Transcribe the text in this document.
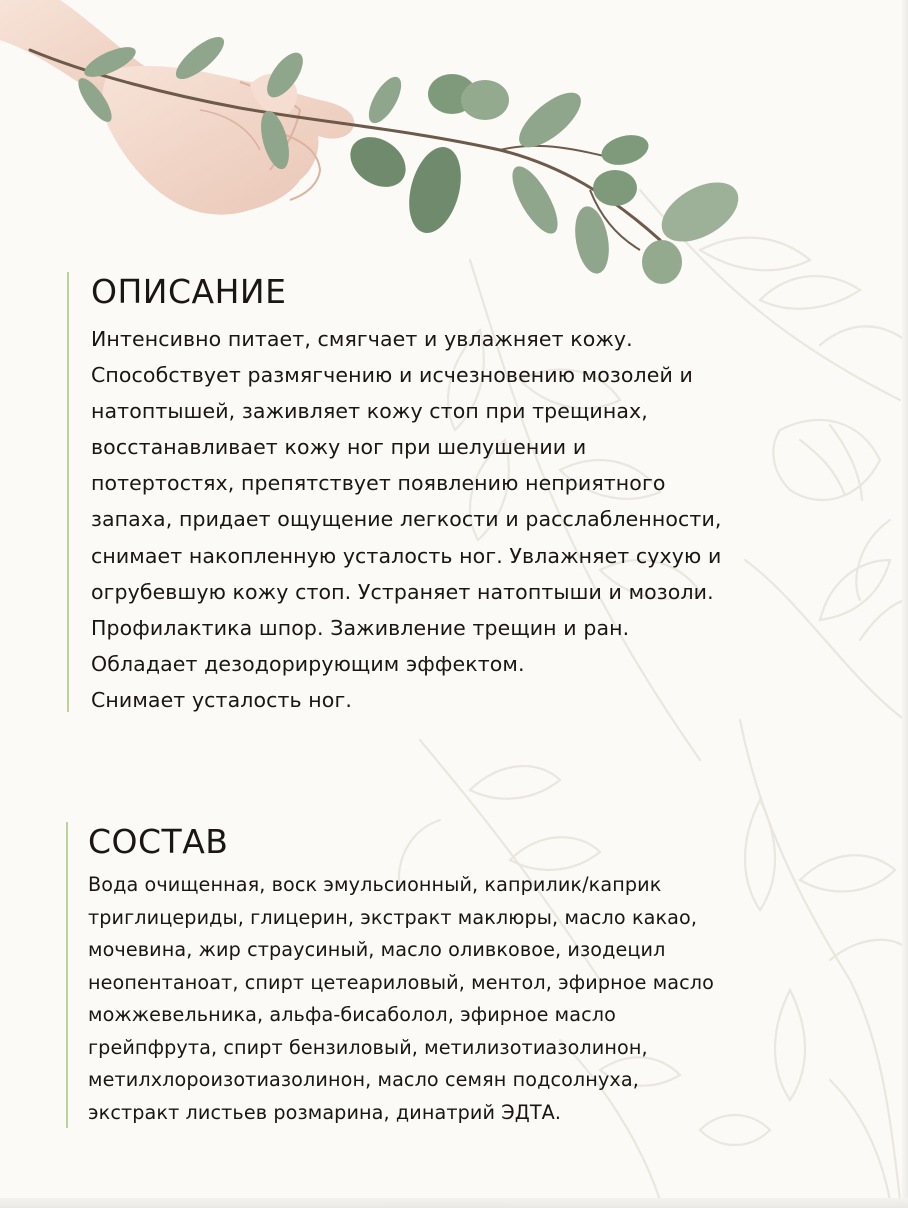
ОПИСАНИЕ
Интенсивно питает, смягчает и увлажняет кожу.
Способствует размягчению и исчезновению мозолей и
натоптышей, заживляет кожу стоп при трещинах,
восстанавливает кожу ног при шелушении и
потертостях, препятствует появлению неприятного
запаха, придает ощущение легкости и расслабленности,
снимает накопленную усталость ног. Увлажняет сухую и
огрубевшую кожу стоп. Устраняет натоптыши и мозоли.
Профилактика шпор. Заживление трещин и ран.
Обладает дезодорирующим эффектом.
Снимает усталость ног.
СОСТАВ
Вода очищенная, воск эмульсионный, каприлик/каприк
триглицериды, глицерин, экстракт маклюры, масло какао,
мочевина, жир страусиный, масло оливковое, изодецил
неопентаноат, спирт цетеариловый, ментол, эфирное масло
можжевельника, альфа-бисаболол, эфирное масло
грейпфрута, спирт бензиловый, метилизотиазолинон,
метилхлороизотиазолинон, масло семян подсолнуха,
экстракт листьев розмарина, динатрий ЭДТА.
